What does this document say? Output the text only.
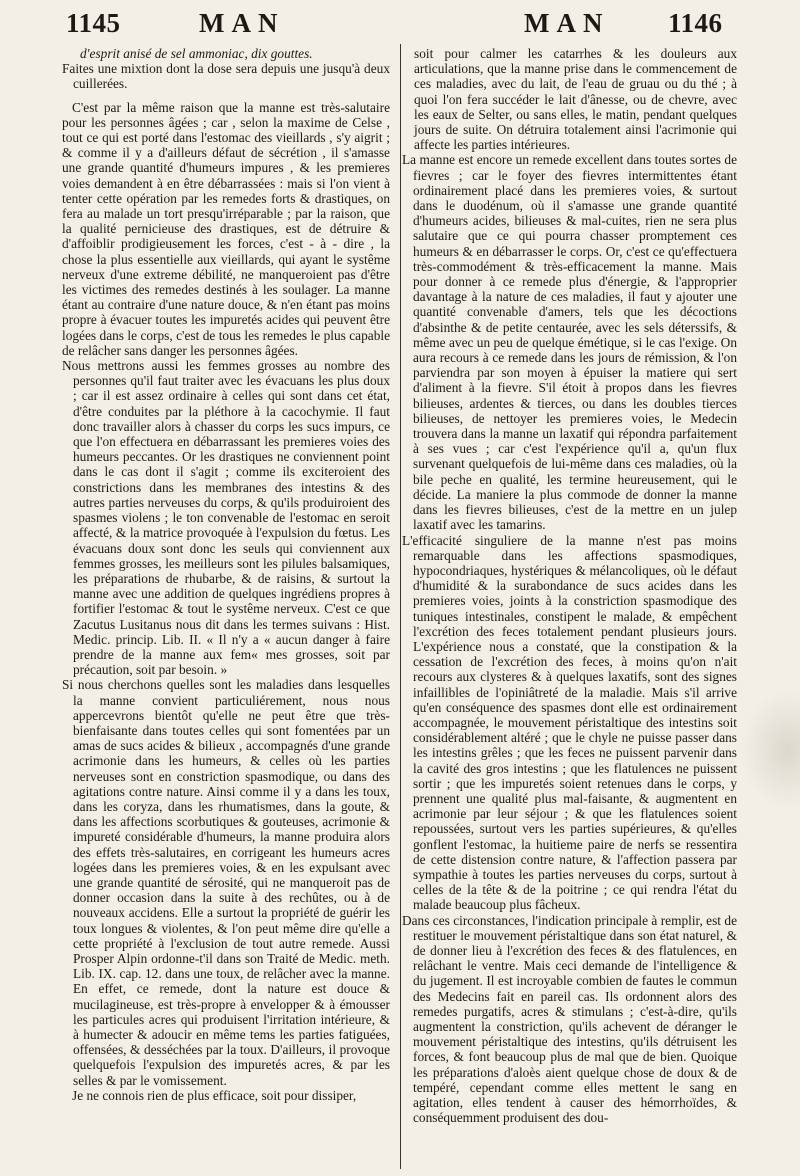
1145	MAN	MAN 1146
d'esprit anisé de sel ammoniac, dix gouttes.
Faites une mixtion dont la dose sera depuis une jusqu'à deux cuillerées.
C'est par la même raison que la manne est très-salutaire pour les personnes âgées ; car , selon la maxime de Celse , tout ce qui est porté dans l'estomac des vieillards , s'y aigrit ; & comme il y a d'ailleurs défaut de sécrétion , il s'amasse une grande quantité d'humeurs impures , & les premieres voies demandent à en être débarrassées : mais si l'on vient à tenter cette opération par les remedes forts & drastiques, on fera au malade un tort presqu'irréparable ; par la raison, que la qualité pernicieuse des drastiques, est de détruire & d'affoiblir prodigieusement les forces, c'est - à - dire , la chose la plus essentielle aux vieillards, qui ayant le systême nerveux d'une extreme débilité, ne manqueroient pas d'être les victimes des remedes destinés à les soulager. La manne étant au contraire d'une nature douce, & n'en étant pas moins propre à évacuer toutes les impuretés acides qui peuvent être logées dans le corps, c'est de tous les remedes le plus capable de relâcher sans danger les personnes âgées.
Nous mettrons aussi les femmes grosses au nombre des personnes qu'il faut traiter avec les évacuans les plus doux ; car il est assez ordinaire à celles qui sont dans cet état, d'être conduites par la pléthore à la cacochymie. Il faut donc travailler alors à chasser du corps les sucs impurs, ce que l'on effectuera en débarrassant les premieres voies des humeurs peccantes. Or les drastiques ne conviennent point dans le cas dont il s'agit ; comme ils exciteroient des constrictions dans les membranes des intestins & des autres parties nerveuses du corps, & qu'ils produiroient des spasmes violens ; le ton convenable de l'estomac en seroit affecté, & la matrice provoquée à l'expulsion du fœtus. Les évacuans doux sont donc les seuls qui conviennent aux femmes grosses, les meilleurs sont les pilules balsamiques, les préparations de rhubarbe, & de raisins, & surtout la manne avec une addition de quelques ingrédiens propres à fortifier l'estomac & tout le systême nerveux. C'est ce que Zacutus Lusitanus nous dit dans les termes suivans : Hist. Medic. princip. Lib. II. « Il n'y a « aucun danger à faire prendre de la manne aux fem« mes grosses, soit par précaution, soit par besoin. »
Si nous cherchons quelles sont les maladies dans lesquelles la manne convient particuliérement, nous nous appercevrons bientôt qu'elle ne peut être que très-bienfaisante dans toutes celles qui sont fomentées par un amas de sucs acides & bilieux , accompagnés d'une grande acrimonie dans les humeurs, & celles où les parties nerveuses sont en constriction spasmodique, ou dans des agitations contre nature. Ainsi comme il y a dans les toux, dans les coryza, dans les rhumatismes, dans la goute, & dans les affections scorbutiques & gouteuses, acrimonie & impureté considérable d'humeurs, la manne produira alors des effets très-salutaires, en corrigeant les humeurs acres logées dans les premieres voies, & en les expulsant avec une grande quantité de sérosité, qui ne manqueroit pas de donner occasion dans la suite à des rechûtes, ou à de nouveaux accidens. Elle a surtout la propriété de guérir les toux longues & violentes, & l'on peut même dire qu'elle a cette propriété à l'exclusion de tout autre remede. Aussi Prosper Alpin ordonne-t'il dans son Traité de Medic. meth. Lib. IX. cap. 12. dans une toux, de relâcher avec la manne. En effet, ce remede, dont la nature est douce & mucilagineuse, est très-propre à envelopper & à émousser les particules acres qui produisent l'irritation intérieure, & à humecter & adoucir en même tems les parties fatiguées, offensées, & desséchées par la toux. D'ailleurs, il provoque quelquefois l'expulsion des impuretés acres, & par les selles & par le vomissement.
Je ne connois rien de plus efficace, soit pour dissiper,
soit pour calmer les catarrhes & les douleurs aux articulations, que la manne prise dans le commencement de ces maladies, avec du lait, de l'eau de gruau ou du thé ; à quoi l'on fera succéder le lait d'ânesse, ou de chevre, avec les eaux de Selter, ou sans elles, le matin, pendant quelques jours de suite. On détruira totalement ainsi l'acrimonie qui affecte les parties intérieures.
La manne est encore un remede excellent dans toutes sortes de fievres ; car le foyer des fievres intermittentes étant ordinairement placé dans les premieres voies, & surtout dans le duodénum, où il s'amasse une grande quantité d'humeurs acides, bilieuses & mal-cuites, rien ne sera plus salutaire que ce qui pourra chasser promptement ces humeurs & en débarrasser le corps. Or, c'est ce qu'effectuera très-commodément & très-efficacement la manne. Mais pour donner à ce remede plus d'énergie, & l'approprier davantage à la nature de ces maladies, il faut y ajouter une quantité convenable d'amers, tels que les décoctions d'absinthe & de petite centaurée, avec les sels déterssifs, & même avec un peu de quelque émétique, si le cas l'exige. On aura recours à ce remede dans les jours de rémission, & l'on parviendra par son moyen à épuiser la matiere qui sert d'aliment à la fievre. S'il étoit à propos dans les fievres bilieuses, ardentes & tierces, ou dans les doubles tierces bilieuses, de nettoyer les premieres voies, le Medecin trouvera dans la manne un laxatif qui répondra parfaitement à ses vues ; car c'est l'expérience qu'il a, qu'un flux survenant quelquefois de lui-même dans ces maladies, où la bile peche en qualité, les termine heureusement, qui le décide. La maniere la plus commode de donner la manne dans les fievres bilieuses, c'est de la mettre en un julep laxatif avec les tamarins.
L'efficacité singuliere de la manne n'est pas moins remarquable dans les affections spasmodiques, hypocondriaques, hystériques & mélancoliques, où le défaut d'humidité & la surabondance de sucs acides dans les premieres voies, joints à la constriction spasmodique des tuniques intestinales, constipent le malade, & empêchent l'excrétion des feces totalement pendant plusieurs jours. L'expérience nous a constaté, que la constipation & la cessation de l'excrétion des feces, à moins qu'on n'ait recours aux clysteres & à quelques laxatifs, sont des signes infaillibles de l'opiniâtreté de la maladie. Mais s'il arrive qu'en conséquence des spasmes dont elle est ordinairement accompagnée, le mouvement péristaltique des intestins soit considérablement altéré ; que le chyle ne puisse passer dans les intestins grêles ; que les feces ne puissent parvenir dans la cavité des gros intestins ; que les flatulences ne puissent sortir ; que les impuretés soient retenues dans le corps, y prennent une qualité plus mal-faisante, & augmentent en acrimonie par leur séjour ; & que les flatulences soient repoussées, surtout vers les parties supérieures, & qu'elles gonflent l'estomac, la huitieme paire de nerfs se ressentira de cette distension contre nature, & l'affection passera par sympathie à toutes les parties nerveuses du corps, surtout à celles de la tête & de la poitrine ; ce qui rendra l'état du malade beaucoup plus fâcheux.
Dans ces circonstances, l'indication principale à remplir, est de restituer le mouvement péristaltique dans son état naturel, & de donner lieu à l'excrétion des feces & des flatulences, en relâchant le ventre. Mais ceci demande de l'intelligence & du jugement. Il est incroyable combien de fautes le commun des Medecins fait en pareil cas. Ils ordonnent alors des remedes purgatifs, acres & stimulans ; c'est-à-dire, qu'ils augmentent la constriction, qu'ils achevent de déranger le mouvement péristaltique des intestins, qu'ils détruisent les forces, & font beaucoup plus de mal que de bien. Quoique les préparations d'aloès aient quelque chose de doux & de tempéré, cependant comme elles mettent le sang en agitation, elles tendent à causer des hémorrhoïdes, & conséquemment produisent des dou-
